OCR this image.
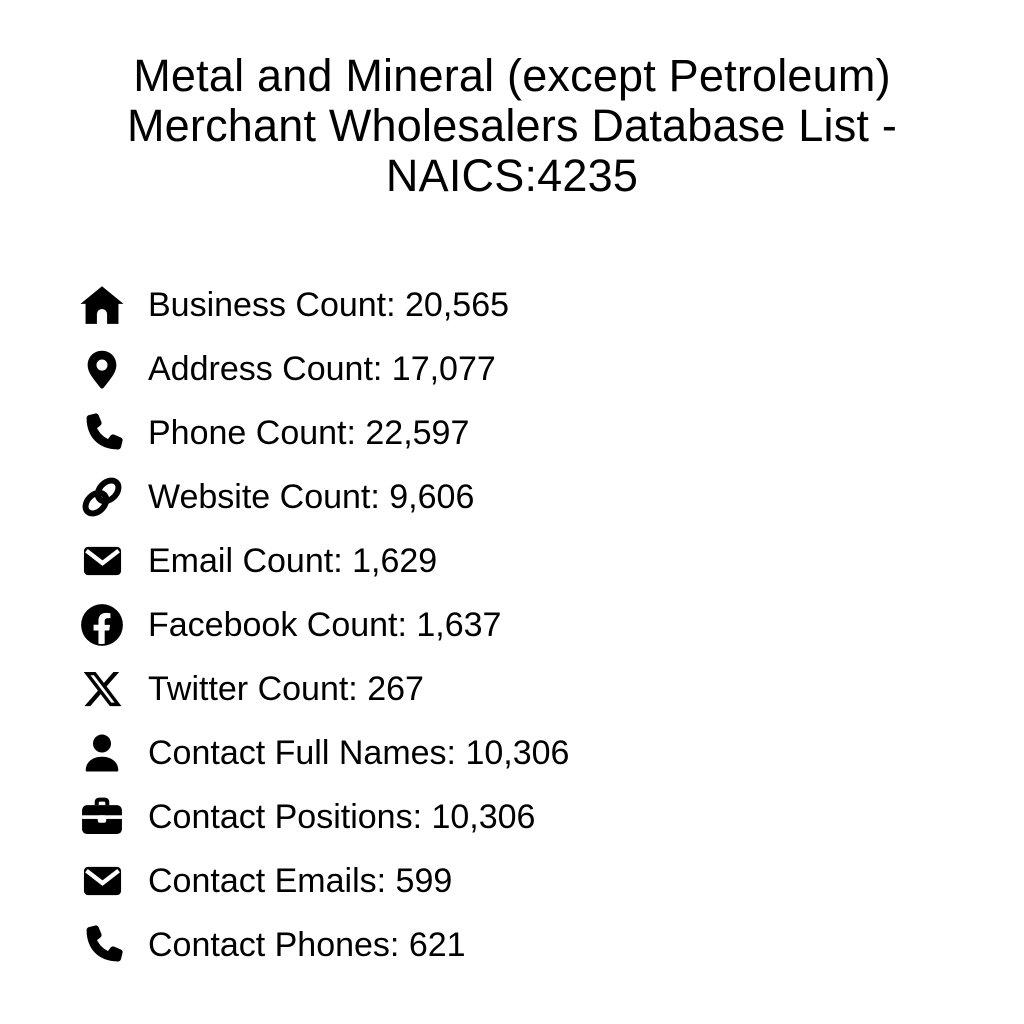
Metal and Mineral (except Petroleum)
Merchant Wholesalers Database List -
NAICS:4235
Business Count: 20,565
Address Count: 17,077
Phone Count: 22,597
Website Count: 9,606
Email Count: 1,629
Facebook Count: 1,637
Twitter Count: 267
Contact Full Names: 10,306
Contact Positions: 10,306
Contact Emails: 599
Contact Phones: 621
